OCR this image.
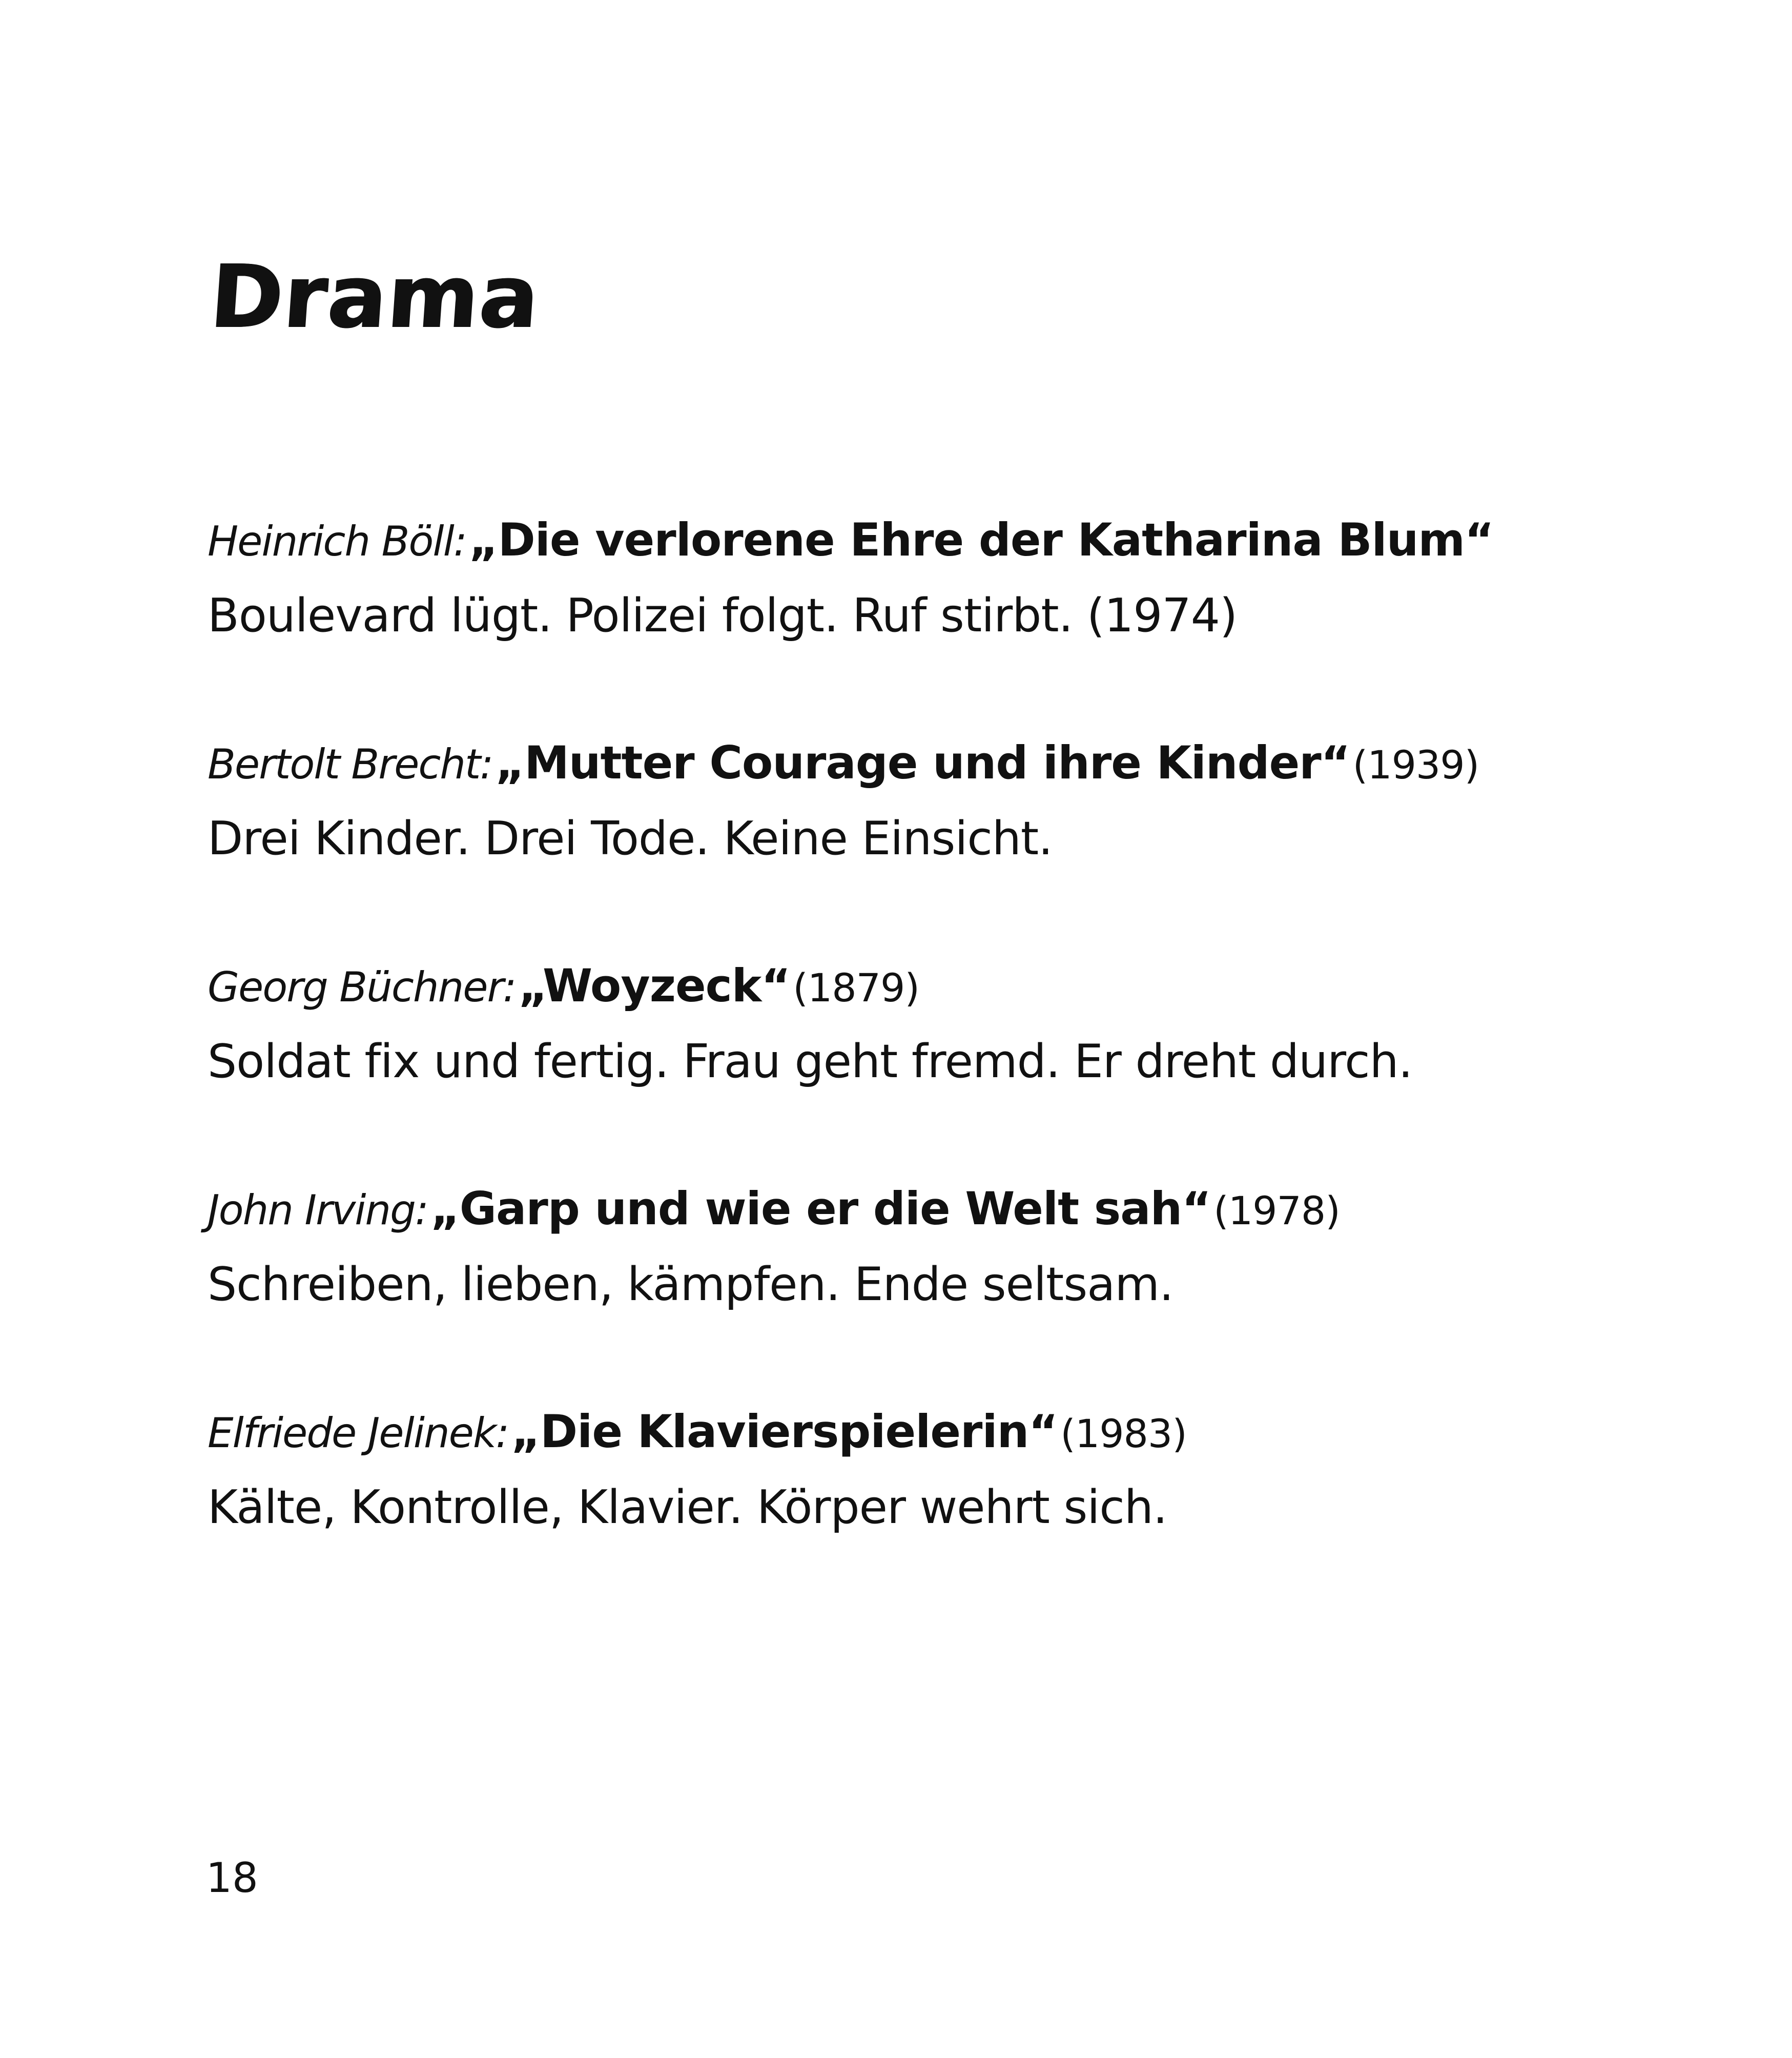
Drama
Heinrich Böll: „Die verlorene Ehre der Katharina Blum“
Boulevard lügt. Polizei folgt. Ruf stirbt. (1974)
Bertolt Brecht: „Mutter Courage und ihre Kinder“ (1939)
Drei Kinder. Drei Tode. Keine Einsicht.
Georg Büchner: „Woyzeck“ (1879)
Soldat fix und fertig. Frau geht fremd. Er dreht durch.
John Irving: „Garp und wie er die Welt sah“ (1978)
Schreiben, lieben, kämpfen. Ende seltsam.
Elfriede Jelinek: „Die Klavierspielerin“ (1983)
Kälte, Kontrolle, Klavier. Körper wehrt sich.
18
